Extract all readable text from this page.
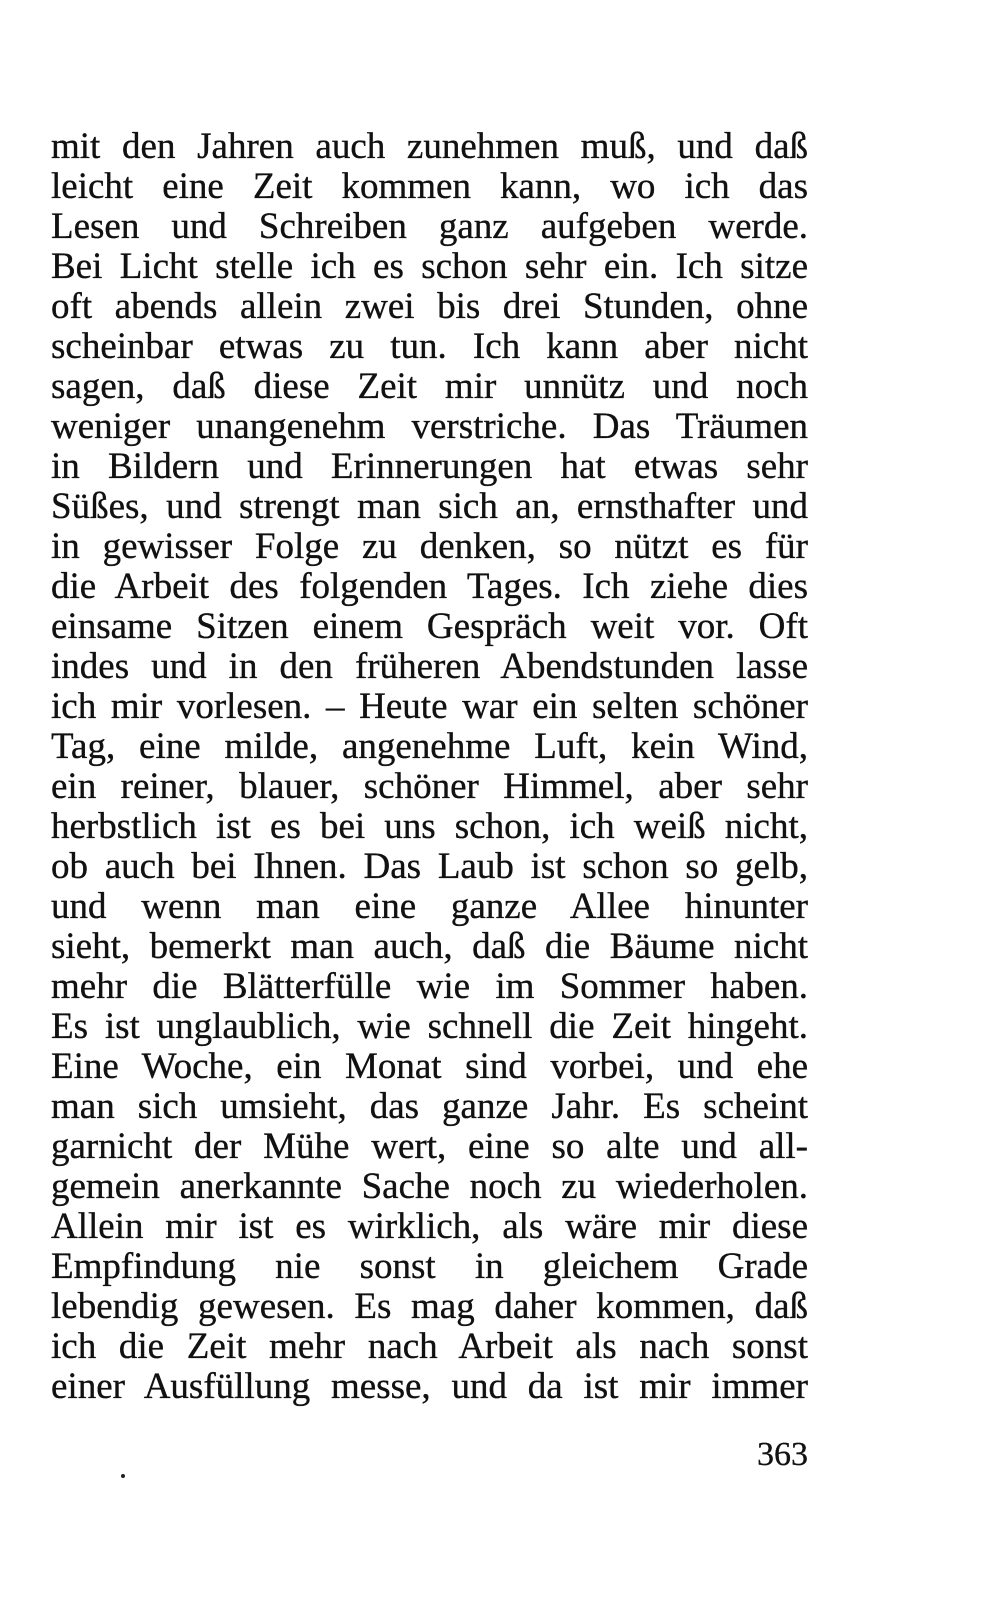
mit den Jahren auch zunehmen muß, und daß
leicht eine Zeit kommen kann, wo ich das
Lesen und Schreiben ganz aufgeben werde.
Bei Licht stelle ich es schon sehr ein. Ich sitze
oft abends allein zwei bis drei Stunden, ohne
scheinbar etwas zu tun. Ich kann aber nicht
sagen, daß diese Zeit mir unnütz und noch
weniger unangenehm verstriche. Das Träumen
in Bildern und Erinnerungen hat etwas sehr
Süßes, und strengt man sich an, ernsthafter und
in gewisser Folge zu denken, so nützt es für
die Arbeit des folgenden Tages. Ich ziehe dies
einsame Sitzen einem Gespräch weit vor. Oft
indes und in den früheren Abendstunden lasse
ich mir vorlesen. – Heute war ein selten schöner
Tag, eine milde, angenehme Luft, kein Wind,
ein reiner, blauer, schöner Himmel, aber sehr
herbstlich ist es bei uns schon, ich weiß nicht,
ob auch bei Ihnen. Das Laub ist schon so gelb,
und wenn man eine ganze Allee hinunter
sieht, bemerkt man auch, daß die Bäume nicht
mehr die Blätterfülle wie im Sommer haben.
Es ist unglaublich, wie schnell die Zeit hingeht.
Eine Woche, ein Monat sind vorbei, und ehe
man sich umsieht, das ganze Jahr. Es scheint
garnicht der Mühe wert, eine so alte und all-
gemein anerkannte Sache noch zu wiederholen.
Allein mir ist es wirklich, als wäre mir diese
Empfindung nie sonst in gleichem Grade
lebendig gewesen. Es mag daher kommen, daß
ich die Zeit mehr nach Arbeit als nach sonst
einer Ausfüllung messe, und da ist mir immer
363
